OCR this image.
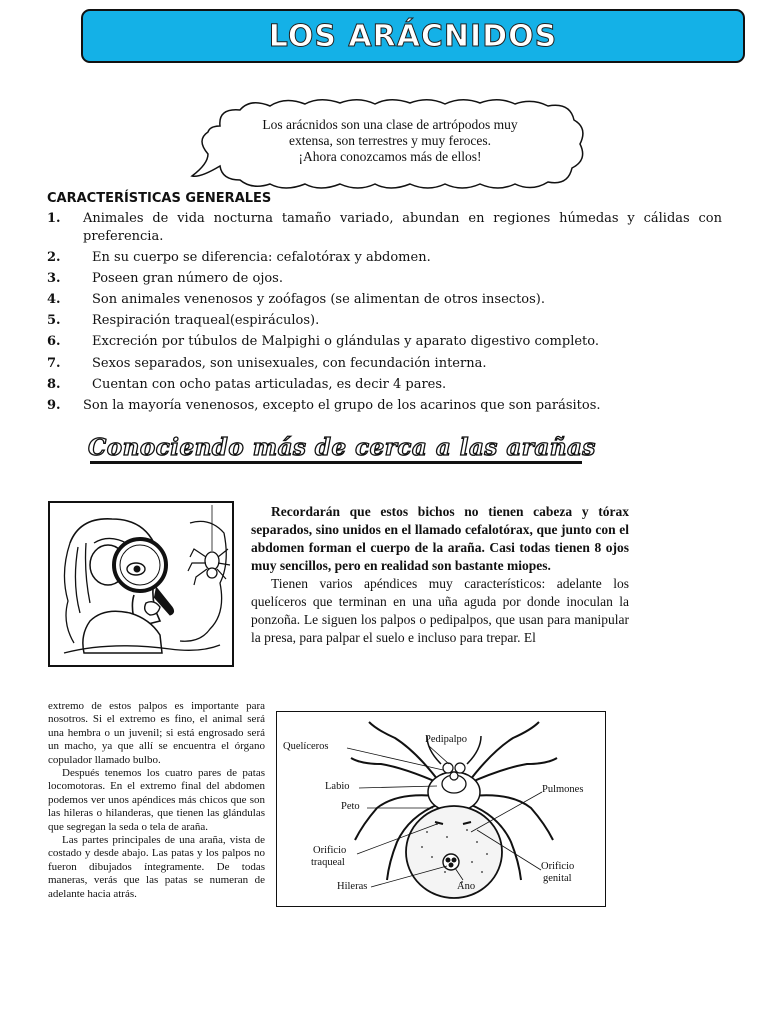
LOS ARÁCNIDOS
Los arácnidos son una clase de artrópodos muy
extensa, son terrestres y muy feroces.
¡Ahora conozcamos más de ellos!
CARACTERÍSTICAS GENERALES
1. Animales de vida nocturna tamaño variado, abundan en regiones húmedas y cálidas con preferencia.
2.	En su cuerpo se diferencia: cefalotórax y abdomen.
3.	Poseen gran número de ojos.
4.	Son animales venenosos y zoófagos (se alimentan de otros insectos).
5.	Respiración traqueal(espiráculos).
6.	Excreción por túbulos de Malpighi o glándulas y aparato digestivo completo.
7.	Sexos separados, son unisexuales, con fecundación interna.
8.	Cuentan con ocho patas articuladas, es decir 4 pares.
9. Son la mayoría venenosos, excepto el grupo de los acarinos que son parásitos.
Conociendo más de cerca a las arañas

Recordarán que estos bichos no tienen cabeza y tórax separados, sino unidos en el llamado cefalotórax, que junto con el abdomen forman el cuerpo de la araña. Casi todas tienen 8 ojos muy sencillos, pero en realidad son bastante miopes.

Tienen varios apéndices muy característicos: adelante los quelíceros que terminan en una uña aguda por donde inoculan la ponzoña. Le siguen los palpos o pedipalpos, que usan para manipular la presa, para palpar el suelo e incluso para trepar. El

extremo de estos palpos es importante para nosotros. Si el extremo es fino, el animal será una hembra o un juvenil; si está engrosado será un macho, ya que allí se encuentra el órgano copulador llamado bulbo.

Después tenemos los cuatro pares de patas locomotoras. En el extremo final del abdomen podemos ver unos apéndices más chicos que son las hileras o hilanderas, que tienen las glándulas que segregan la seda o tela de araña.

Las partes principales de una araña, vista de costado y desde abajo. Las patas y los palpos no fueron dibujados íntegramente. De todas maneras, verás que las patas se numeran de adelante hacia atrás.

Quelíceros
Pedipalpo
Labio
Peto
Pulmones
Orificio
traqueal
Hileras	Ano
Orificio
genital
